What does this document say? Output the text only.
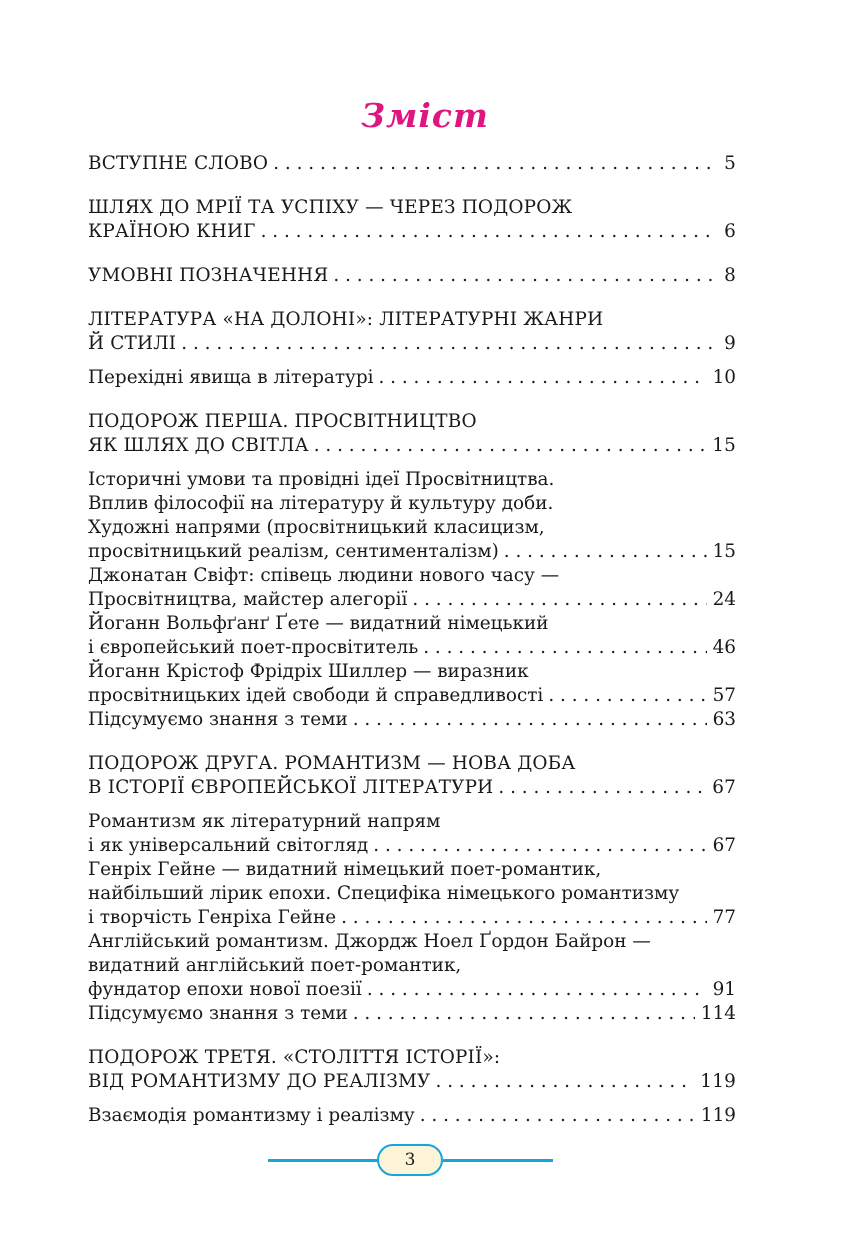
Зміст
ВСТУПНЕ СЛОВО . . .	5
ШЛЯХ ДО МРІЇ ТА УСПІХУ — ЧЕРЕЗ ПОДОРОЖ
КРАЇНОЮ КНИГ . . .	6
УМОВНІ ПОЗНАЧЕННЯ . . .	8
ЛІТЕРАТУРА «НА ДОЛОНІ»: ЛІТЕРАТУРНІ ЖАНРИ
Й СТИЛІ . . .	9
Перехідні явища в літературі . . .	10
ПОДОРОЖ ПЕРША. ПРОСВІТНИЦТВО
ЯК ШЛЯХ ДО СВІТЛА . . .	15
Історичні умови та провідні ідеї Просвітництва.
Вплив філософії на літературу й культуру доби.
Художні напрями (просвітницький класицизм,
просвітницький реалізм, сентименталізм) . . .	15
Джонатан Свіфт: співець людини нового часу —
Просвітництва, майстер алегорії . . .	24
Йоганн Вольфґанґ Ґете — видатний німецький
і європейський поет-просвітитель . . .	46
Йоганн Крістоф Фрідріх Шиллер — виразник
просвітницьких ідей свободи й справедливості . . .	57
Підсумуємо знання з теми . . .	63
ПОДОРОЖ ДРУГА. РОМАНТИЗМ — НОВА ДОБА
В ІСТОРІЇ ЄВРОПЕЙСЬКОЇ ЛІТЕРАТУРИ . . .	67
Романтизм як літературний напрям
і як універсальний світогляд . . .	67
Генріх Гейне — видатний німецький поет-романтик,
найбільший лірик епохи. Специфіка німецького романтизму
і творчість Генріха Гейне . . .	77
Англійський романтизм. Джордж Ноел Ґордон Байрон —
видатний англійський поет-романтик,
фундатор епохи нової поезії . . .	91
Підсумуємо знання з теми . . .	114
ПОДОРОЖ ТРЕТЯ. «СТОЛІТТЯ ІСТОРІЇ»:
ВІД РОМАНТИЗМУ ДО РЕАЛІЗМУ . . .	119
Взаємодія романтизму і реалізму . . .	119
3
